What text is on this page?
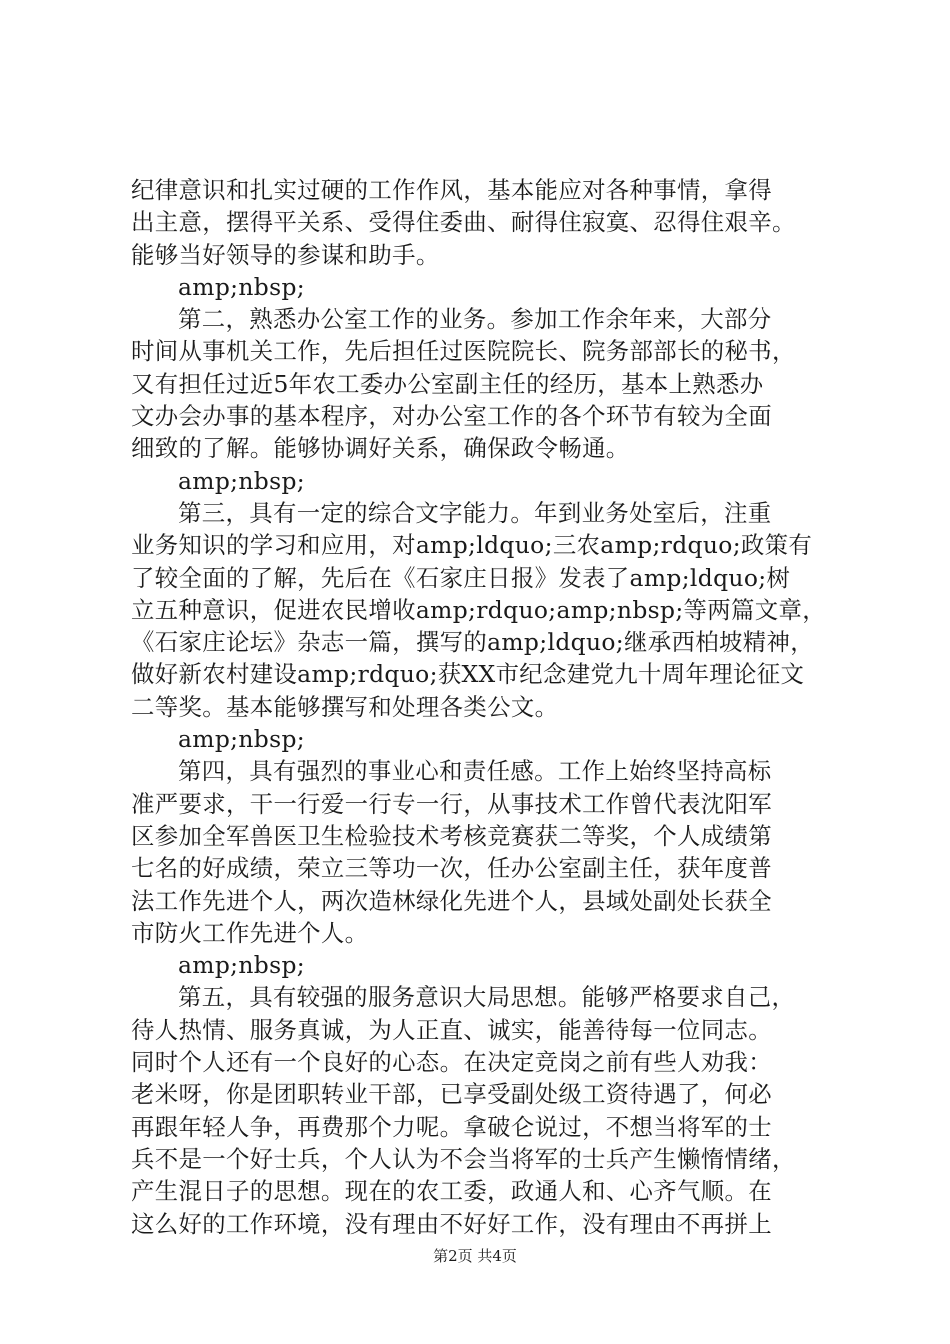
纪律意识和扎实过硬的工作作风，基本能应对各种事情，拿得
出主意，摆得平关系、受得住委曲、耐得住寂寞、忍得住艰辛。
能够当好领导的参谋和助手。
amp;nbsp;
第二，熟悉办公室工作的业务。参加工作余年来，大部分
时间从事机关工作，先后担任过医院院长、院务部部长的秘书，
又有担任过近5年农工委办公室副主任的经历，基本上熟悉办
文办会办事的基本程序，对办公室工作的各个环节有较为全面
细致的了解。能够协调好关系，确保政令畅通。
amp;nbsp;
第三，具有一定的综合文字能力。年到业务处室后，注重
业务知识的学习和应用，对amp;ldquo;三农amp;rdquo;政策有
了较全面的了解，先后在《石家庄日报》发表了amp;ldquo;树
立五种意识，促进农民增收amp;rdquo;amp;nbsp;等两篇文章，
《石家庄论坛》杂志一篇，撰写的amp;ldquo;继承西柏坡精神，
做好新农村建设amp;rdquo;获XX市纪念建党九十周年理论征文
二等奖。基本能够撰写和处理各类公文。
amp;nbsp;
第四，具有强烈的事业心和责任感。工作上始终坚持高标
准严要求，干一行爱一行专一行，从事技术工作曾代表沈阳军
区参加全军兽医卫生检验技术考核竞赛获二等奖，个人成绩第
七名的好成绩，荣立三等功一次，任办公室副主任，获年度普
法工作先进个人，两次造林绿化先进个人，县域处副处长获全
市防火工作先进个人。
amp;nbsp;
第五，具有较强的服务意识大局思想。能够严格要求自己，
待人热情、服务真诚，为人正直、诚实，能善待每一位同志。
同时个人还有一个良好的心态。在决定竞岗之前有些人劝我：
老米呀，你是团职转业干部，已享受副处级工资待遇了，何必
再跟年轻人争，再费那个力呢。拿破仑说过，不想当将军的士
兵不是一个好士兵，个人认为不会当将军的士兵产生懒惰情绪，
产生混日子的思想。现在的农工委，政通人和、心齐气顺。在
这么好的工作环境，没有理由不好好工作，没有理由不再拼上
第2页 共4页
